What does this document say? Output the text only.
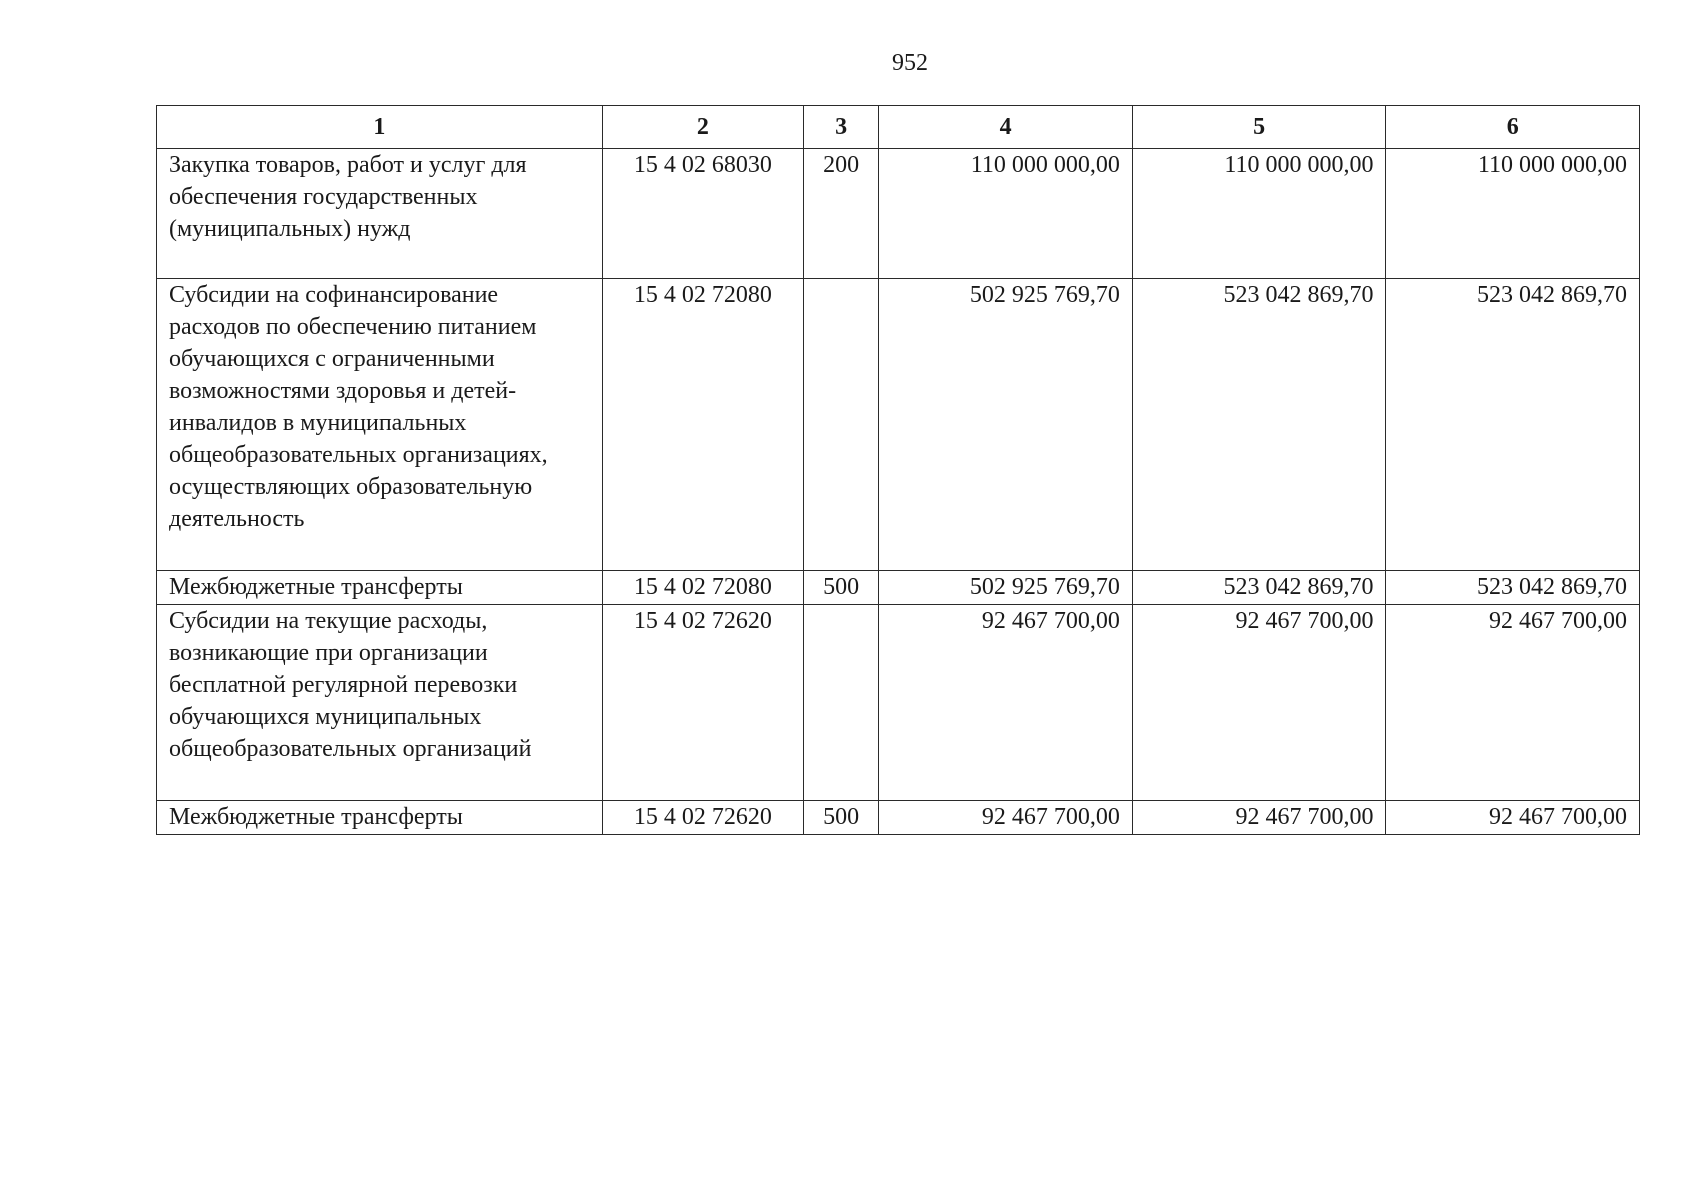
952
1	2	3	4	5	6
Закупка товаров, работ и услуг для обеспечения государственных (муниципальных) нужд	15 4 02 68030	200	110 000 000,00	110 000 000,00	110 000 000,00
Субсидии на софинансирование расходов по обеспечению питанием обучающихся с ограниченными возможностями здоровья и детей-инвалидов в муниципальных общеобразовательных организациях, осуществляющих образовательную деятельность	15 4 02 72080		502 925 769,70	523 042 869,70	523 042 869,70
Межбюджетные трансферты	15 4 02 72080	500	502 925 769,70	523 042 869,70	523 042 869,70
Субсидии на текущие расходы, возникающие при организации бесплатной регулярной перевозки обучающихся муниципальных общеобразовательных организаций	15 4 02 72620		92 467 700,00	92 467 700,00	92 467 700,00
Межбюджетные трансферты	15 4 02 72620	500	92 467 700,00	92 467 700,00	92 467 700,00
